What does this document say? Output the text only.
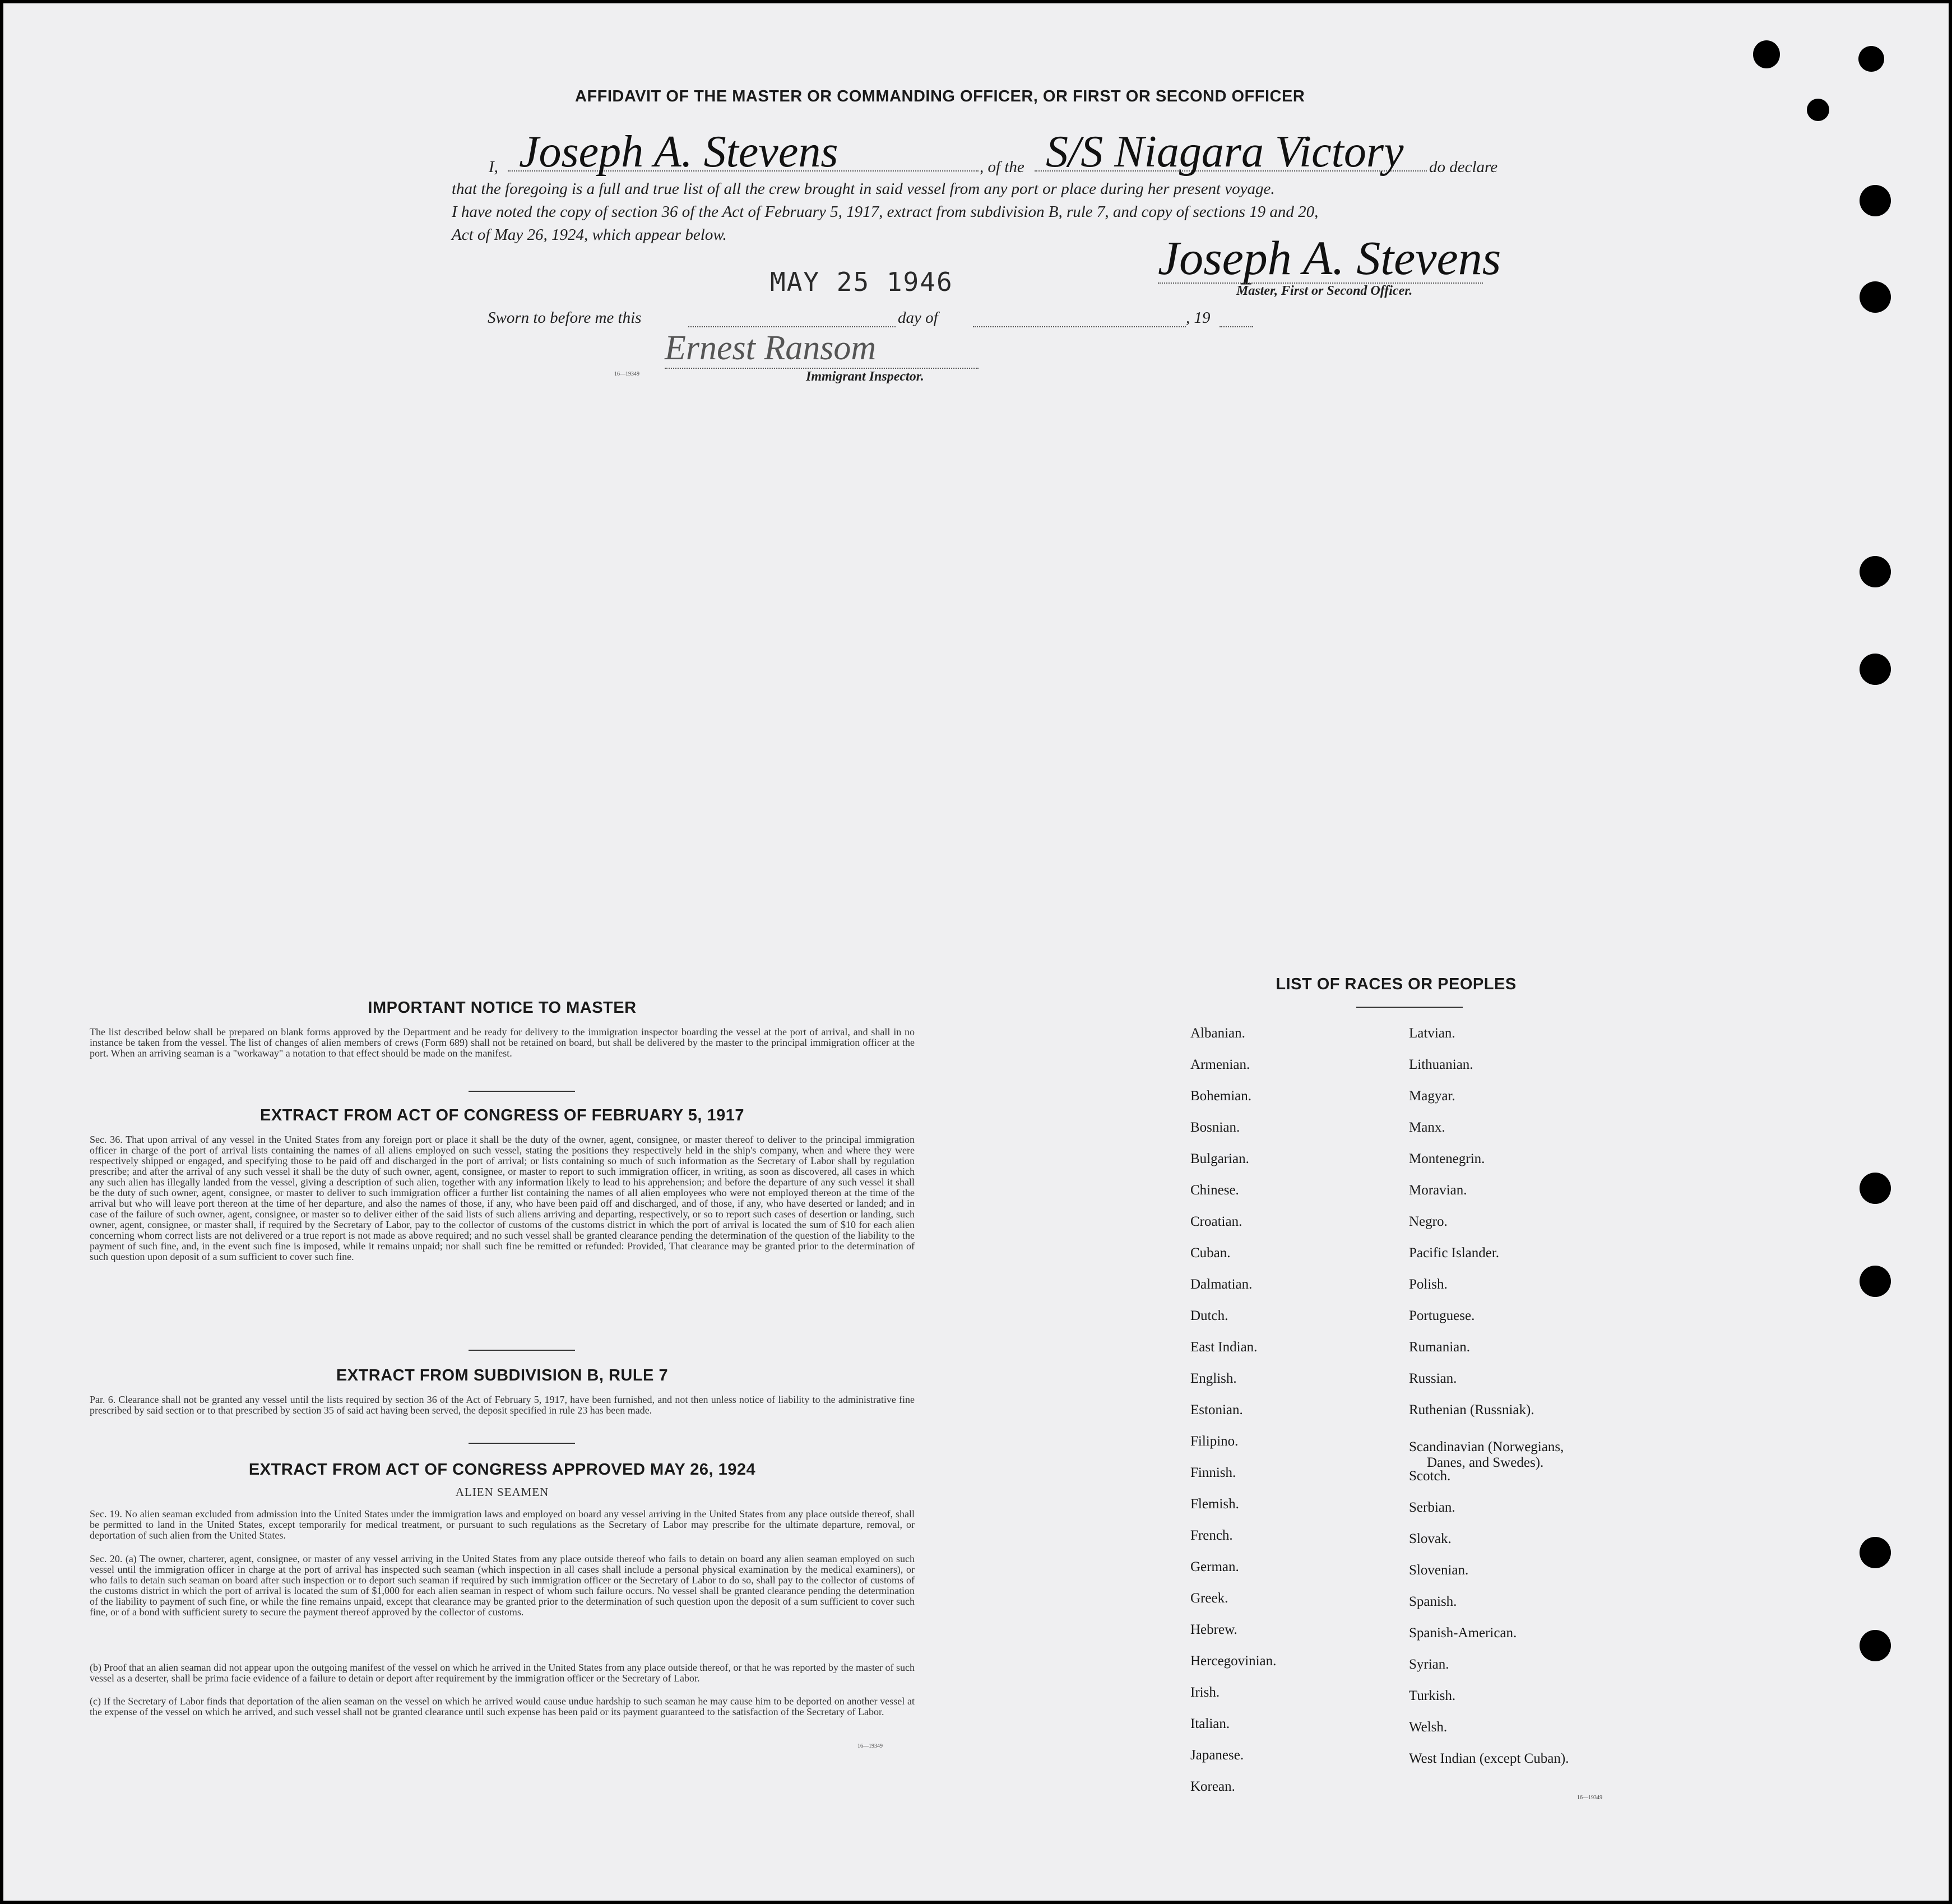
AFFIDAVIT OF THE MASTER OR COMMANDING OFFICER, OR FIRST OR SECOND OFFICER
I, Joseph A. Stevens	, of the S/S Niagara Victory do declare
that the foregoing is a full and true list of all the crew brought in said vessel from any port or place during her present voyage.
I have noted the copy of section 36 of the Act of February 5, 1917, extract from subdivision B, rule 7, and copy of sections 19 and 20,
Act of May 26, 1924, which appear below.
MAY 25 1946	Joseph A. Stevens
Master, First or Second Officer.
Sworn to before me this	day of	, 19
Ernest Ransom
16—19349	Immigrant Inspector.
IMPORTANT NOTICE TO MASTER
The list described below shall be prepared on blank forms approved by the Department and be ready for delivery to the immigration inspector boarding the vessel at the port of arrival, and shall in no instance be taken from the vessel. The list of changes of alien members of crews (Form 689) shall not be retained on board, but shall be delivered by the master to the principal immigration officer at the port. When an arriving seaman is a "workaway" a notation to that effect should be made on the manifest.
EXTRACT FROM ACT OF CONGRESS OF FEBRUARY 5, 1917
Sec. 36. That upon arrival of any vessel in the United States from any foreign port or place it shall be the duty of the owner, agent, consignee, or master thereof to deliver to the principal immigration officer in charge of the port of arrival lists containing the names of all aliens employed on such vessel, stating the positions they respectively held in the ship's company, when and where they were respectively shipped or engaged, and specifying those to be paid off and discharged in the port of arrival; or lists containing so much of such information as the Secretary of Labor shall by regulation prescribe; and after the arrival of any such vessel it shall be the duty of such owner, agent, consignee, or master to report to such immigration officer, in writing, as soon as discovered, all cases in which any such alien has illegally landed from the vessel, giving a description of such alien, together with any information likely to lead to his apprehension; and before the departure of any such vessel it shall be the duty of such owner, agent, consignee, or master to deliver to such immigration officer a further list containing the names of all alien employees who were not employed thereon at the time of the arrival but who will leave port thereon at the time of her departure, and also the names of those, if any, who have been paid off and discharged, and of those, if any, who have deserted or landed; and in case of the failure of such owner, agent, consignee, or master so to deliver either of the said lists of such aliens arriving and departing, respectively, or so to report such cases of desertion or landing, such owner, agent, consignee, or master shall, if required by the Secretary of Labor, pay to the collector of customs of the customs district in which the port of arrival is located the sum of $10 for each alien concerning whom correct lists are not delivered or a true report is not made as above required; and no such vessel shall be granted clearance pending the determination of the question of the liability to the payment of such fine, and, in the event such fine is imposed, while it remains unpaid; nor shall such fine be remitted or refunded: Provided, That clearance may be granted prior to the determination of such question upon deposit of a sum sufficient to cover such fine.
EXTRACT FROM SUBDIVISION B, RULE 7
Par. 6. Clearance shall not be granted any vessel until the lists required by section 36 of the Act of February 5, 1917, have been furnished, and not then unless notice of liability to the administrative fine prescribed by said section or to that prescribed by section 35 of said act having been served, the deposit specified in rule 23 has been made.
EXTRACT FROM ACT OF CONGRESS APPROVED MAY 26, 1924
ALIEN SEAMEN
Sec. 19. No alien seaman excluded from admission into the United States under the immigration laws and employed on board any vessel arriving in the United States from any place outside thereof, shall be permitted to land in the United States, except temporarily for medical treatment, or pursuant to such regulations as the Secretary of Labor may prescribe for the ultimate departure, removal, or deportation of such alien from the United States.
Sec. 20. (a) The owner, charterer, agent, consignee, or master of any vessel arriving in the United States from any place outside thereof who fails to detain on board any alien seaman employed on such vessel until the immigration officer in charge at the port of arrival has inspected such seaman (which inspection in all cases shall include a personal physical examination by the medical examiners), or who fails to detain such seaman on board after such inspection or to deport such seaman if required by such immigration officer or the Secretary of Labor to do so, shall pay to the collector of customs of the customs district in which the port of arrival is located the sum of $1,000 for each alien seaman in respect of whom such failure occurs. No vessel shall be granted clearance pending the determination of the liability to payment of such fine, or while the fine remains unpaid, except that clearance may be granted prior to the determination of such question upon the deposit of a sum sufficient to cover such fine, or of a bond with sufficient surety to secure the payment thereof approved by the collector of customs.
(b) Proof that an alien seaman did not appear upon the outgoing manifest of the vessel on which he arrived in the United States from any place outside thereof, or that he was reported by the master of such vessel as a deserter, shall be prima facie evidence of a failure to detain or deport after requirement by the immigration officer or the Secretary of Labor.
(c) If the Secretary of Labor finds that deportation of the alien seaman on the vessel on which he arrived would cause undue hardship to such seaman he may cause him to be deported on another vessel at the expense of the vessel on which he arrived, and such vessel shall not be granted clearance until such expense has been paid or its payment guaranteed to the satisfaction of the Secretary of Labor.
16—19349
LIST OF RACES OR PEOPLES
16—19349
Albanian.
Armenian.
Bohemian.
Bosnian.
Bulgarian.
Chinese.
Croatian.
Cuban.
Dalmatian.
Dutch.
East Indian.
English.
Estonian.
Filipino.
Finnish.
Flemish.
French.
German.
Greek.
Hebrew.
Hercegovinian.
Irish.
Italian.
Japanese.
Korean.
Latvian.
Lithuanian.
Magyar.
Manx.
Montenegrin.
Moravian.
Negro.
Pacific Islander.
Polish.
Portuguese.
Rumanian.
Russian.
Ruthenian (Russniak).
Scandinavian (Norwegians,
Danes, and Swedes).
Scotch.
Serbian.
Slovak.
Slovenian.
Spanish.
Spanish-American.
Syrian.
Turkish.
Welsh.
West Indian (except Cuban).
